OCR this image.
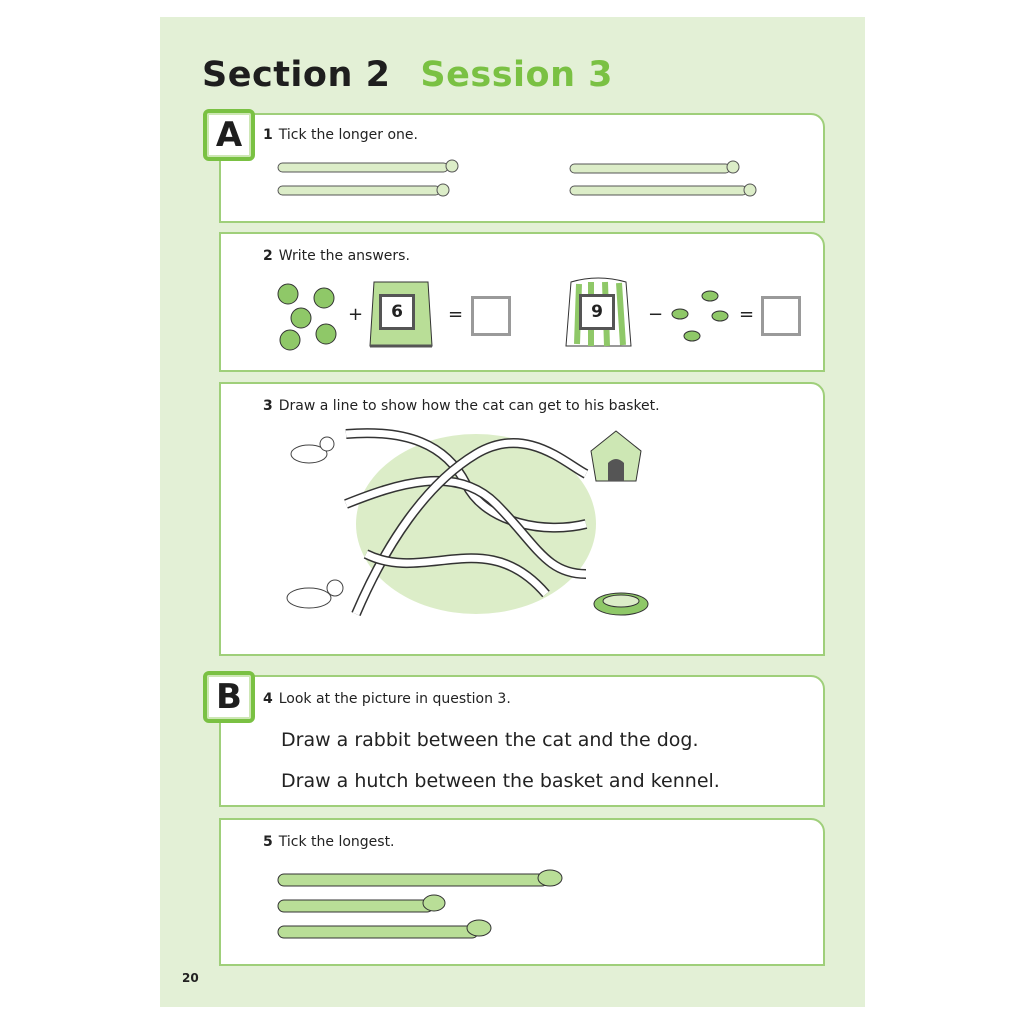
Section 2 Session 3
1 Tick the longer one.
A
2 Write the answers.
+	6	=	9	−	=
3 Draw a line to show how the cat can get to his basket.
4 Look at the picture in question 3.
Draw a rabbit between the cat and the dog.
Draw a hutch between the basket and kennel.
B
5 Tick the longest.
20
